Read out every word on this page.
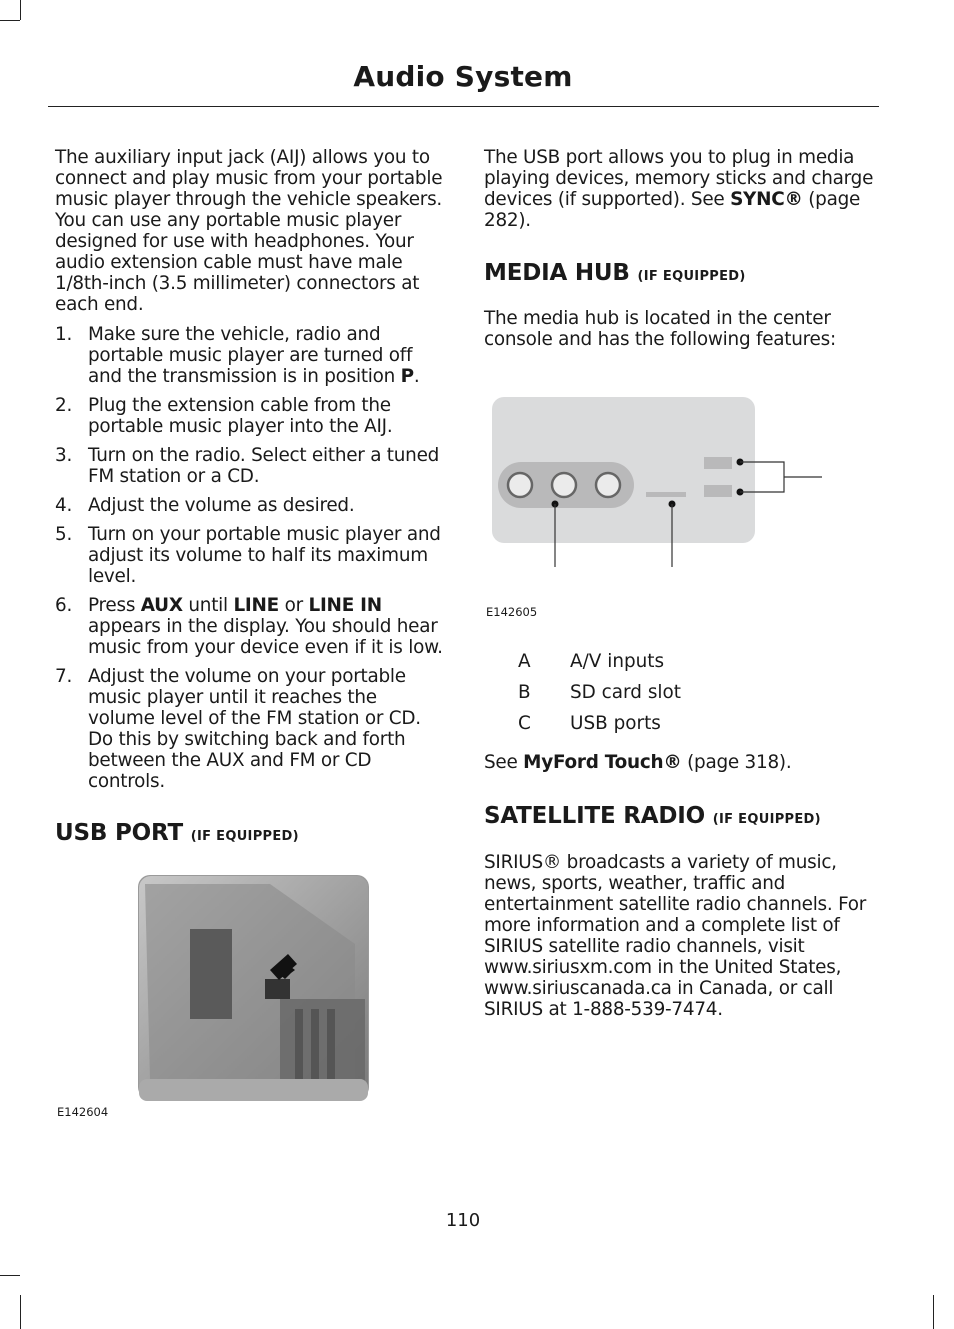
Audio System

The auxiliary input jack (AIJ) allows you to connect and play music from your portable music player through the vehicle speakers. You can use any portable music player designed for use with headphones. Your audio extension cable must have male 1/8th-inch (3.5 millimeter) connectors at each end.

1. Make sure the vehicle, radio and portable music player are turned off and the transmission is in position P.
2. Plug the extension cable from the portable music player into the AIJ.
3. Turn on the radio. Select either a tuned FM station or a CD.
4. Adjust the volume as desired.
5. Turn on your portable music player and adjust its volume to half its maximum level.
6. Press AUX until LINE or LINE IN appears in the display. You should hear music from your device even if it is low.
7. Adjust the volume on your portable music player until it reaches the volume level of the FM station or CD. Do this by switching back and forth between the AUX and FM or CD controls.
USB PORT (IF EQUIPPED)
E142604

The USB port allows you to plug in media playing devices, memory sticks and charge devices (if supported). See SYNC® (page 282).

MEDIA HUB (IF EQUIPPED)

The media hub is located in the center console and has the following features:

E142605
A	A/V inputs
B	SD card slot
C	USB ports

See MyFord Touch® (page 318).

SATELLITE RADIO (IF EQUIPPED)

SIRIUS® broadcasts a variety of music, news, sports, weather, traffic and entertainment satellite radio channels. For more information and a complete list of SIRIUS satellite radio channels, visit www.siriusxm.com in the United States, www.siriuscanada.ca in Canada, or call SIRIUS at 1-888-539-7474.

110
